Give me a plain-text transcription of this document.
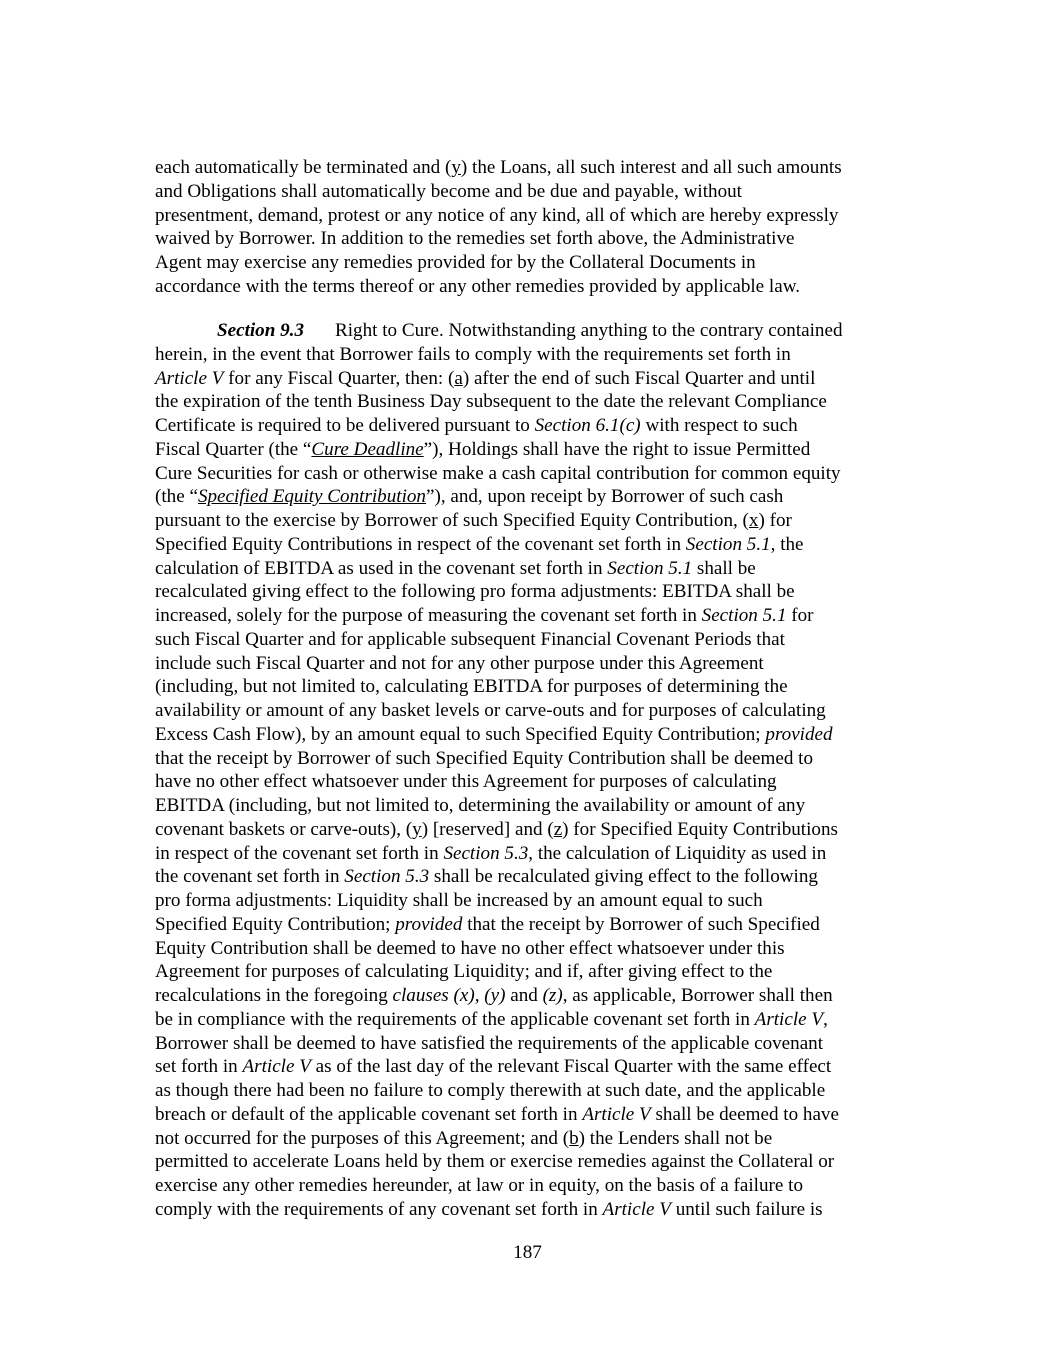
each automatically be terminated and (y) the Loans, all such interest and all such amounts
and Obligations shall automatically become and be due and payable, without
presentment, demand, protest or any notice of any kind, all of which are hereby expressly
waived by Borrower. In addition to the remedies set forth above, the Administrative
Agent may exercise any remedies provided for by the Collateral Documents in
accordance with the terms thereof or any other remedies provided by applicable law.
Section 9.3 Right to Cure. Notwithstanding anything to the contrary contained
herein, in the event that Borrower fails to comply with the requirements set forth in
Article V for any Fiscal Quarter, then: (a) after the end of such Fiscal Quarter and until
the expiration of the tenth Business Day subsequent to the date the relevant Compliance
Certificate is required to be delivered pursuant to Section 6.1(c) with respect to such
Fiscal Quarter (the “Cure Deadline”), Holdings shall have the right to issue Permitted
Cure Securities for cash or otherwise make a cash capital contribution for common equity
(the “Specified Equity Contribution”), and, upon receipt by Borrower of such cash
pursuant to the exercise by Borrower of such Specified Equity Contribution, (x) for
Specified Equity Contributions in respect of the covenant set forth in Section 5.1, the
calculation of EBITDA as used in the covenant set forth in Section 5.1 shall be
recalculated giving effect to the following pro forma adjustments: EBITDA shall be
increased, solely for the purpose of measuring the covenant set forth in Section 5.1 for
such Fiscal Quarter and for applicable subsequent Financial Covenant Periods that
include such Fiscal Quarter and not for any other purpose under this Agreement
(including, but not limited to, calculating EBITDA for purposes of determining the
availability or amount of any basket levels or carve-outs and for purposes of calculating
Excess Cash Flow), by an amount equal to such Specified Equity Contribution; provided
that the receipt by Borrower of such Specified Equity Contribution shall be deemed to
have no other effect whatsoever under this Agreement for purposes of calculating
EBITDA (including, but not limited to, determining the availability or amount of any
covenant baskets or carve-outs), (y) [reserved] and (z) for Specified Equity Contributions
in respect of the covenant set forth in Section 5.3, the calculation of Liquidity as used in
the covenant set forth in Section 5.3 shall be recalculated giving effect to the following
pro forma adjustments: Liquidity shall be increased by an amount equal to such
Specified Equity Contribution; provided that the receipt by Borrower of such Specified
Equity Contribution shall be deemed to have no other effect whatsoever under this
Agreement for purposes of calculating Liquidity; and if, after giving effect to the
recalculations in the foregoing clauses (x), (y) and (z), as applicable, Borrower shall then
be in compliance with the requirements of the applicable covenant set forth in Article V,
Borrower shall be deemed to have satisfied the requirements of the applicable covenant
set forth in Article V as of the last day of the relevant Fiscal Quarter with the same effect
as though there had been no failure to comply therewith at such date, and the applicable
breach or default of the applicable covenant set forth in Article V shall be deemed to have
not occurred for the purposes of this Agreement; and (b) the Lenders shall not be
permitted to accelerate Loans held by them or exercise remedies against the Collateral or
exercise any other remedies hereunder, at law or in equity, on the basis of a failure to
comply with the requirements of any covenant set forth in Article V until such failure is

187
